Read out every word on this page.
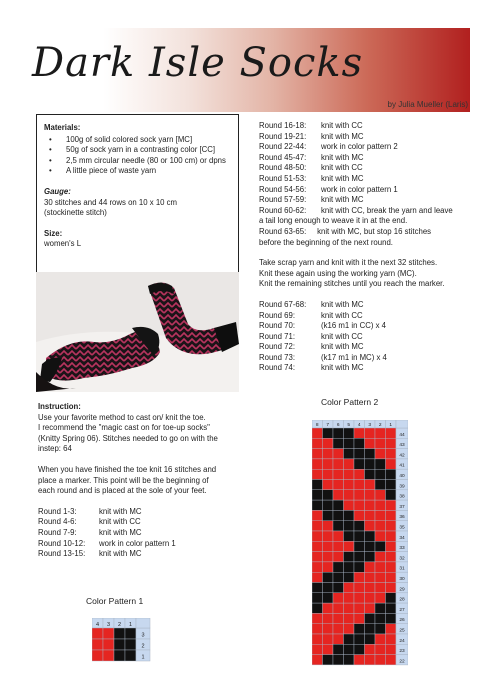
Dark Isle Socks
by Julia Mueller (Laris)
Materials:
• 100g of solid colored sock yarn [MC]
• 50g of sock yarn in a contrasting color [CC]
• 2,5 mm circular needle (80 or 100 cm) or dpns
• A little piece of waste yarn
Gauge:
30 stitches and 44 rows on 10 x 10 cm
(stockinette stitch)
Size:
women's L
Instruction:
Use your favorite method to cast on/ knit the toe.
I recommend the "magic cast on for toe-up socks"
(Knitty Spring 06). Stitches needed to go on with the
instep: 64
When you have finished the toe knit 16 stitches and
place a marker. This point will be the beginning of
each round and is placed at the sole of your feet.
Round 1-3:	knit with MC
Round 4-6:	knit with CC
Round 7-9:	knit with MC
Round 10-12:	work in color pattern 1
Round 13-15:	knit with MC
Round 16-18:	knit with CC
Round 19-21:	knit with MC
Round 22-44:	work in color pattern 2
Round 45-47:	knit with MC
Round 48-50:	knit with CC
Round 51-53:	knit with MC
Round 54-56:	work in color pattern 1
Round 57-59:	knit with MC
Round 60-62:	knit with CC, break the yarn and leave
a tail long enough to weave it in at the end.
Round 63-65:     knit with MC, but stop 16 stitches
before the beginning of the next round.
Take scrap yarn and knit with it the next 32 stitches.
Knit these again using the working yarn (MC).
Knit the remaining stitches until you reach the marker.
Round 67-68:	knit with MC
Round 69:	knit with CC
Round 70:	(k16 m1 in CC) x 4
Round 71:	knit with CC
Round 72:	knit with MC
Round 73:	(k17 m1 in MC) x 4
Round 74:	knit with MC
Color Pattern 1
4 3 2 1
3
2
1
Color Pattern 2
8 7 6 5 4 3 2 1
44
43
42
41
40
39
38
37
36
35
34
33
32
31
30
29
28
27
26
25
24
23
22
